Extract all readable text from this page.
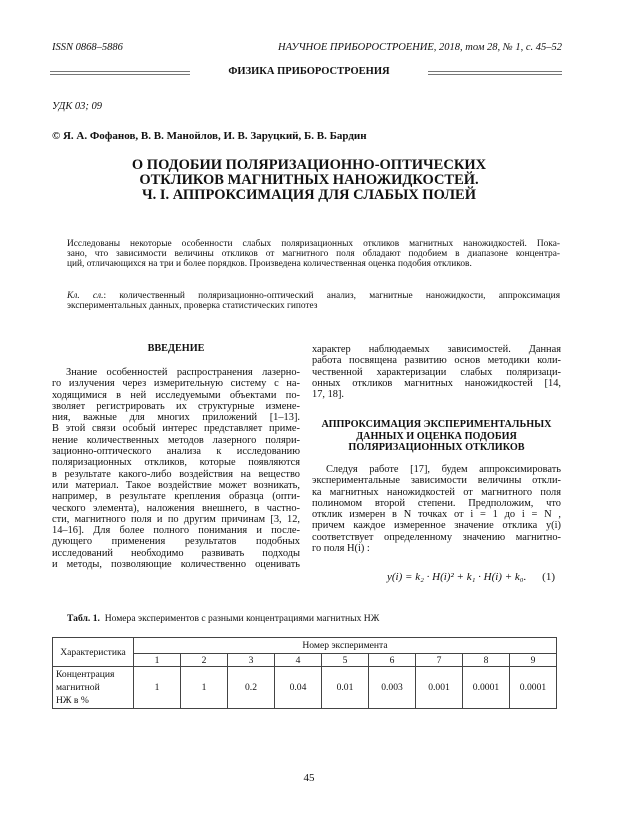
ISSN 0868–5886	НАУЧНОЕ ПРИБОРОСТРОЕНИЕ, 2018, том 28, № 1, с. 45–52
ФИЗИКА ПРИБОРОСТРОЕНИЯ
УДК 03; 09
© Я. А. Фофанов, В. В. Манойлов, И. В. Заруцкий, Б. В. Бардин
О ПОДОБИИ ПОЛЯРИЗАЦИОННО-ОПТИЧЕСКИХ
ОТКЛИКОВ МАГНИТНЫХ НАНОЖИДКОСТЕЙ.
Ч. I. АППРОКСИМАЦИЯ ДЛЯ СЛАБЫХ ПОЛЕЙ
Исследованы некоторые особенности слабых поляризационных откликов магнитных наножидкостей. Пока-
зано, что зависимости величины откликов от магнитного поля обладают подобием в диапазоне концентра-
ций, отличающихся на три и более порядков. Произведена количественная оценка подобия откликов.
Кл. сл.: количественный поляризационно-оптический анализ, магнитные наножидкости, аппроксимация
экспериментальных данных, проверка статистических гипотез
ВВЕДЕНИЕ
Знание особенностей распространения лазерно-
го излучения через измерительную систему с на-
ходящимися в ней исследуемыми объектами по-
зволяет регистрировать их структурные измене-
ния, важные для многих приложений [1–13].
В этой связи особый интерес представляет приме-
нение количественных методов лазерного поляри-
зационно-оптического анализа к исследованию
поляризационных откликов, которые появляются
в результате какого-либо воздействия на вещество
или материал. Такое воздействие может возникать,
например, в результате крепления образца (опти-
ческого элемента), наложения внешнего, в частно-
сти, магнитного поля и по другим причинам [3, 12,
14–16]. Для более полного понимания и после-
дующего применения результатов подобных
исследований необходимо развивать подходы
и методы, позволяющие количественно оценивать
характер наблюдаемых зависимостей. Данная
работа посвящена развитию основ методики коли-
чественной характеризации слабых поляризаци-
онных откликов магнитных наножидкостей [14,
17, 18].
АППРОКСИМАЦИЯ ЭКСПЕРИМЕНТАЛЬНЫХ
ДАННЫХ И ОЦЕНКА ПОДОБИЯ
ПОЛЯРИЗАЦИОННЫХ ОТКЛИКОВ
Следуя работе [17], будем аппроксимировать
экспериментальные зависимости величины откли-
ка магнитных наножидкостей от магнитного поля
полиномом второй степени. Предположим, что
отклик измерен в N точках от i = 1 до i = N ,
причем каждое измеренное значение отклика y(i)
соответствует определенному значению магнитно-
го поля H(i) :
y(i) = k₂ · H(i)² + k₁ · H(i) + k₀. (1)
Табл. 1. Номера экспериментов с разными концентрациями магнитных НЖ
Характеристика	Номер эксперимента								
	1	2	3	4	5	6	7	8	9

Концентрация
магнитной
НЖ в %	1	1	0.2	0.04	0.01	0.003	0.001	0.0001	0.0001
45
